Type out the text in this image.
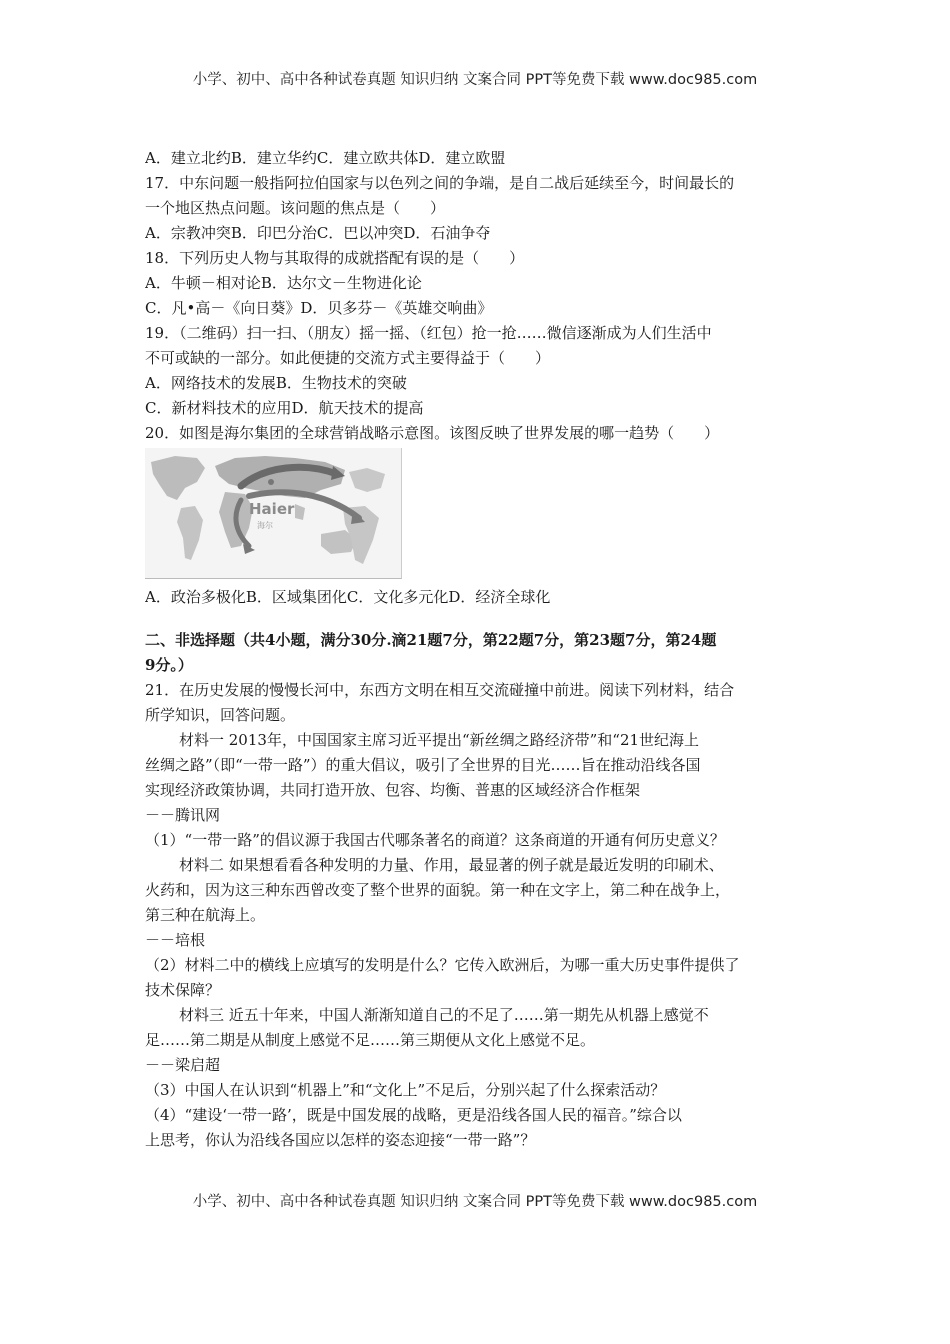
小学、初中、高中各种试卷真题 知识归纳 文案合同 PPT等免费下载 www.doc985.com
A．建立北约B．建立华约C．建立欧共体D．建立欧盟
17．中东问题一般指阿拉伯国家与以色列之间的争端，是自二战后延续至今，时间最长的
一个地区热点问题。该问题的焦点是（　　）
A．宗教冲突B．印巴分治C．巴以冲突D．石油争夺
18．下列历史人物与其取得的成就搭配有误的是（　　）
A．牛顿－相对论B．达尔文－生物进化论
C．凡•高－《向日葵》D．贝多芬－《英雄交响曲》
19．（二维码）扫一扫、（朋友）摇一摇、（红包）抢一抢……微信逐渐成为人们生活中
不可或缺的一部分。如此便捷的交流方式主要得益于（　　）
A．网络技术的发展B．生物技术的突破
C．新材料技术的应用D．航天技术的提高
20．如图是海尔集团的全球营销战略示意图。该图反映了世界发展的哪一趋势（　　）
Haier
海尔
A．政治多极化B．区域集团化C．文化多元化D．经济全球化
二、非选择题（共4小题，满分30分.滴21题7分，第22题7分，第23题7分，第24题
9分。）
21．在历史发展的慢慢长河中，东西方文明在相互交流碰撞中前进。阅读下列材料，结合
所学知识，回答问题。
材料一 2013年，中国国家主席习近平提出“新丝绸之路经济带”和“21世纪海上
丝绸之路”（即“一带一路”）的重大倡议，吸引了全世界的目光……旨在推动沿线各国
实现经济政策协调，共同打造开放、包容、均衡、普惠的区域经济合作框架
－－腾讯网
（1）“一带一路”的倡议源于我国古代哪条著名的商道？这条商道的开通有何历史意义？
材料二 如果想看看各种发明的力量、作用，最显著的例子就是最近发明的印刷术、
火药和，因为这三种东西曾改变了整个世界的面貌。第一种在文字上，第二种在战争上，
第三种在航海上。
－－培根
（2）材料二中的横线上应填写的发明是什么？它传入欧洲后，为哪一重大历史事件提供了
技术保障？
材料三 近五十年来，中国人渐渐知道自己的不足了……第一期先从机器上感觉不
足……第二期是从制度上感觉不足……第三期便从文化上感觉不足。
－－梁启超
（3）中国人在认识到“机器上”和“文化上”不足后，分别兴起了什么探索活动？
（4）“建设‘一带一路’，既是中国发展的战略，更是沿线各国人民的福音。”综合以
上思考，你认为沿线各国应以怎样的姿态迎接“一带一路”？
小学、初中、高中各种试卷真题 知识归纳 文案合同 PPT等免费下载 www.doc985.com
